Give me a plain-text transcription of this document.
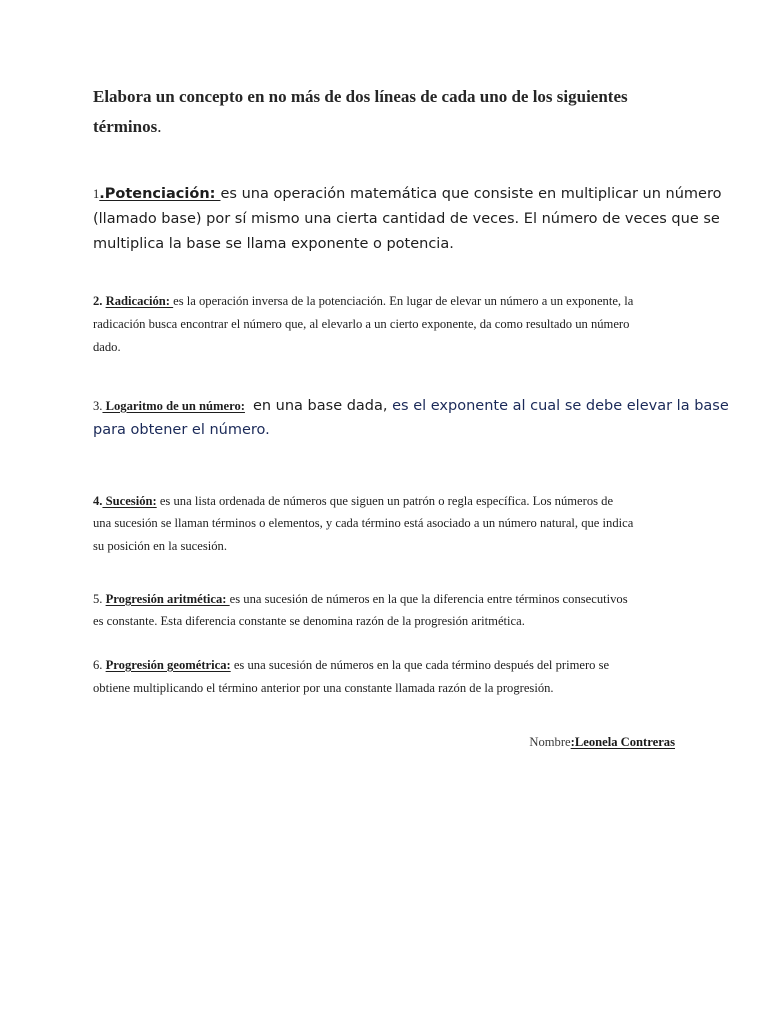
Elabora un concepto en no más de dos líneas de cada uno de los siguientes
términos.
1.Potenciación: es una operación matemática que consiste en multiplicar un número
(llamado base) por sí mismo una cierta cantidad de veces. El número de veces que se
multiplica la base se llama exponente o potencia.
2. Radicación: es la operación inversa de la potenciación. En lugar de elevar un número a un exponente, la
radicación busca encontrar el número que, al elevarlo a un cierto exponente, da como resultado un número
dado.
3. Logaritmo de un número: en una base dada, es el exponente al cual se debe elevar la base
para obtener el número.
4. Sucesión: es una lista ordenada de números que siguen un patrón o regla específica. Los números de
una sucesión se llaman términos o elementos, y cada término está asociado a un número natural, que indica
su posición en la sucesión.
5. Progresión aritmética: es una sucesión de números en la que la diferencia entre términos consecutivos
es constante. Esta diferencia constante se denomina razón de la progresión aritmética.
6. Progresión geométrica: es una sucesión de números en la que cada término después del primero se
obtiene multiplicando el término anterior por una constante llamada razón de la progresión.
Nombre:Leonela Contreras
